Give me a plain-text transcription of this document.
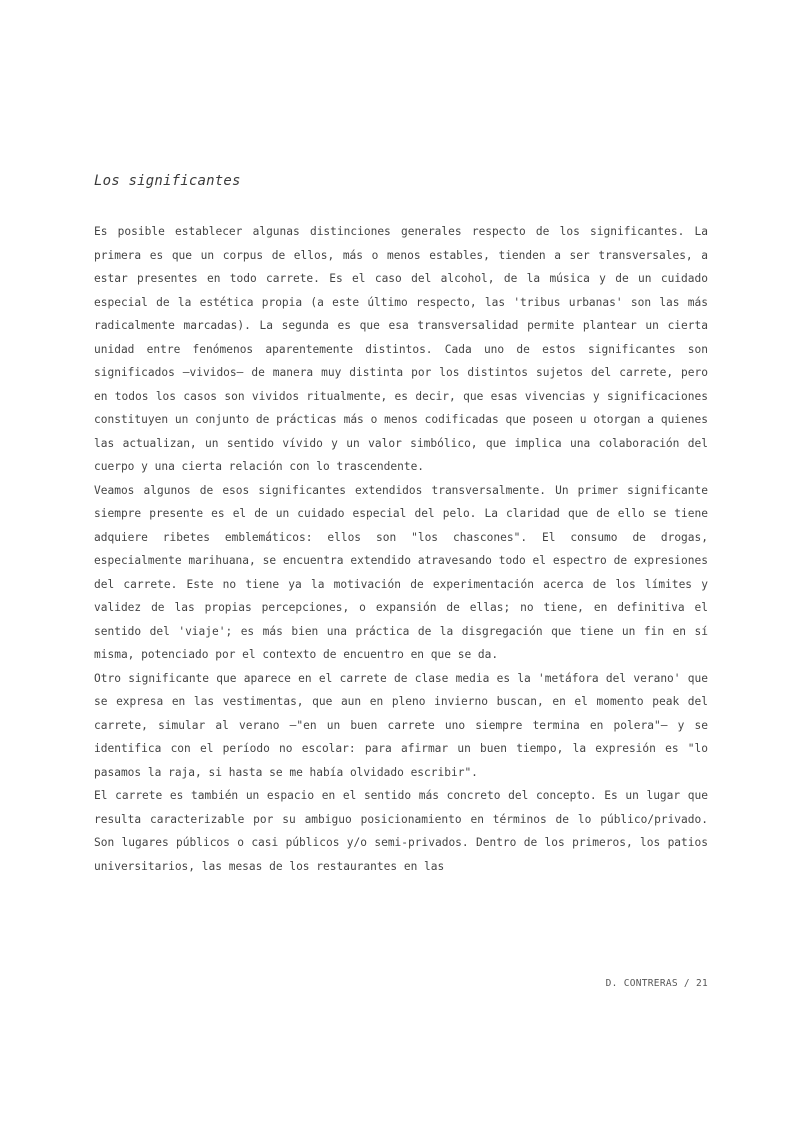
Los significantes

Es posible establecer algunas distinciones generales respecto de los significantes. La primera es que un corpus de ellos, más o menos estables, tienden a ser transversales, a estar presentes en todo carrete. Es el caso del alcohol, de la música y de un cuidado especial de la estética propia (a este último respecto, las 'tribus urbanas' son las más radicalmente marcadas). La segunda es que esa transversalidad permite plantear un cierta unidad entre fenómenos aparentemente distintos. Cada uno de estos significantes son significados —vividos— de manera muy distinta por los distintos sujetos del carrete, pero en todos los casos son vividos ritualmente, es decir, que esas vivencias y significaciones constituyen un conjunto de prácticas más o menos codificadas que poseen u otorgan a quienes las actualizan, un sentido vívido y un valor simbólico, que implica una colaboración del cuerpo y una cierta relación con lo trascendente.

Veamos algunos de esos significantes extendidos transversalmente. Un primer significante siempre presente es el de un cuidado especial del pelo. La claridad que de ello se tiene adquiere ribetes emblemáticos: ellos son "los chascones". El consumo de drogas, especialmente marihuana, se encuentra extendido atravesando todo el espectro de expresiones del carrete. Este no tiene ya la motivación de experimentación acerca de los límites y validez de las propias percepciones, o expansión de ellas; no tiene, en definitiva el sentido del 'viaje'; es más bien una práctica de la disgregación que tiene un fin en sí misma, potenciado por el contexto de encuentro en que se da.

Otro significante que aparece en el carrete de clase media es la 'metáfora del verano' que se expresa en las vestimentas, que aun en pleno invierno buscan, en el momento peak del carrete, simular al verano —"en un buen carrete uno siempre termina en polera"— y se identifica con el período no escolar: para afirmar un buen tiempo, la expresión es "lo pasamos la raja, si hasta se me había olvidado escribir".

El carrete es también un espacio en el sentido más concreto del concepto. Es un lugar que resulta caracterizable por su ambiguo posicionamiento en términos de lo público/privado. Son lugares públicos o casi públicos y/o semi-privados. Dentro de los primeros, los patios universitarios, las mesas de los restaurantes en las

D. CONTRERAS / 21
